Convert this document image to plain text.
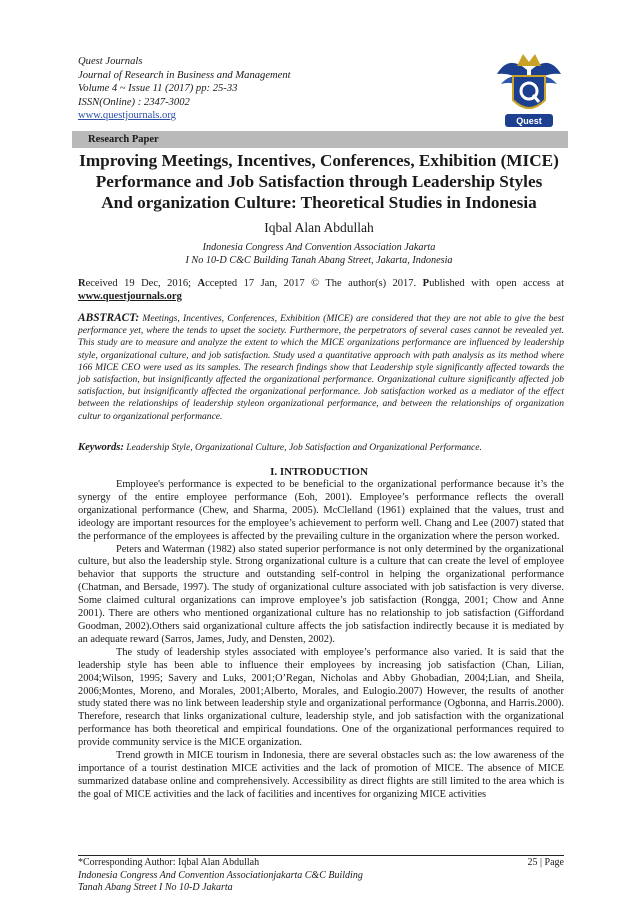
Quest Journals
Journal of Research in Business and Management
Volume 4 ~ Issue 11 (2017) pp: 25-33
ISSN(Online) : 2347-3002
www.questjournals.org	Quest
Research Paper
Improving Meetings, Incentives, Conferences, Exhibition (MICE)
Performance and Job Satisfaction through Leadership Styles
And organization Culture: Theoretical Studies in Indonesia
Iqbal Alan Abdullah
Indonesia Congress And Convention Association Jakarta
I No 10-D C&C Building Tanah Abang Street, Jakarta, Indonesia
Received 19 Dec, 2016; Accepted 17 Jan, 2017 © The author(s) 2017. Published with open access at
www.questjournals.org
ABSTRACT: Meetings, Incentives, Conferences, Exhibition (MICE) are considered that they are not able to give the best performance yet, where the tends to upset the society. Furthermore, the perpetrators of several cases cannot be revealed yet. This study are to measure and analyze the extent to which the MICE organizations performance are influenced by leadership style, organizational culture, and job satisfaction. Study used a quantitative approach with path analysis as its method where 166 MICE CEO were used as its samples. The research findings show that Leadership style significantly affected towards the job satisfaction, but insignificantly affected the organizational performance. Organizational culture significantly affected job satisfaction, but insignificantly affected the organizational performance. Job satisfaction worked as a mediator of the effect between the relationships of leadership styleon organizational performance, and between the relationships of organization cultur to organizational performance.
Keywords: Leadership Style, Organizational Culture, Job Satisfaction and Organizational Performance.
I. INTRODUCTION

Employee's performance is expected to be beneficial to the organizational performance because it’s the synergy of the entire employee performance (Eoh, 2001). Employee’s performance reflects the overall organizational performance (Chew, and Sharma, 2005). McClelland (1961) explained that the values, trust and ideology are important resources for the employee’s achievement to perform well. Chang and Lee (2007) stated that the performance of the employees is affected by the prevailing culture in the organization where the person worked.

Peters and Waterman (1982) also stated superior performance is not only determined by the organizational culture, but also the leadership style. Strong organizational culture is a culture that can create the level of employee behavior that supports the structure and outstanding self-control in helping the organizational performance (Chatman, and Bersade, 1997). The study of organizational culture associated with job satisfaction is very diverse. Some claimed cultural organizations can improve employee’s job satisfaction (Rongga, 2001; Chow and Anne 2001). There are others who mentioned organizational culture has no relationship to job satisfaction (Giffordand Goodman, 2002).Others said organizational culture affects the job satisfaction indirectly because it is mediated by an adequate reward (Sarros, James, Judy, and Densten, 2002).

The study of leadership styles associated with employee’s performance also varied. It is said that the leadership style has been able to influence their employees by increasing job satisfaction (Chan, Lilian, 2004;Wilson, 1995; Savery and Luks, 2001;O’Regan, Nicholas and Abby Ghobadian, 2004;Lian, and Sheila, 2006;Montes, Moreno, and Morales, 2001;Alberto, Morales, and Eulogio.2007) However, the results of another study stated there was no link between leadership style and organizational performance (Ogbonna, and Harris.2000). Therefore, research that links organizational culture, leadership style, and job satisfaction with the organizational performance has both theoretical and empirical foundations. One of the organizational performances required to provide community service is the MICE organization.

Trend growth in MICE tourism in Indonesia, there are several obstacles such as: the low awareness of the importance of a tourist destination MICE activities and the lack of promotion of MICE. The absence of MICE summarized database online and comprehensively. Accessibility as direct flights are still limited to the area which is the goal of MICE activities and the lack of facilities and incentives for organizing MICE activities

*Corresponding Author: Iqbal Alan Abdullah	25 | Page
Indonesia Congress And Convention Associationjakarta C&C Building
Tanah Abang Street I No 10-D Jakarta
